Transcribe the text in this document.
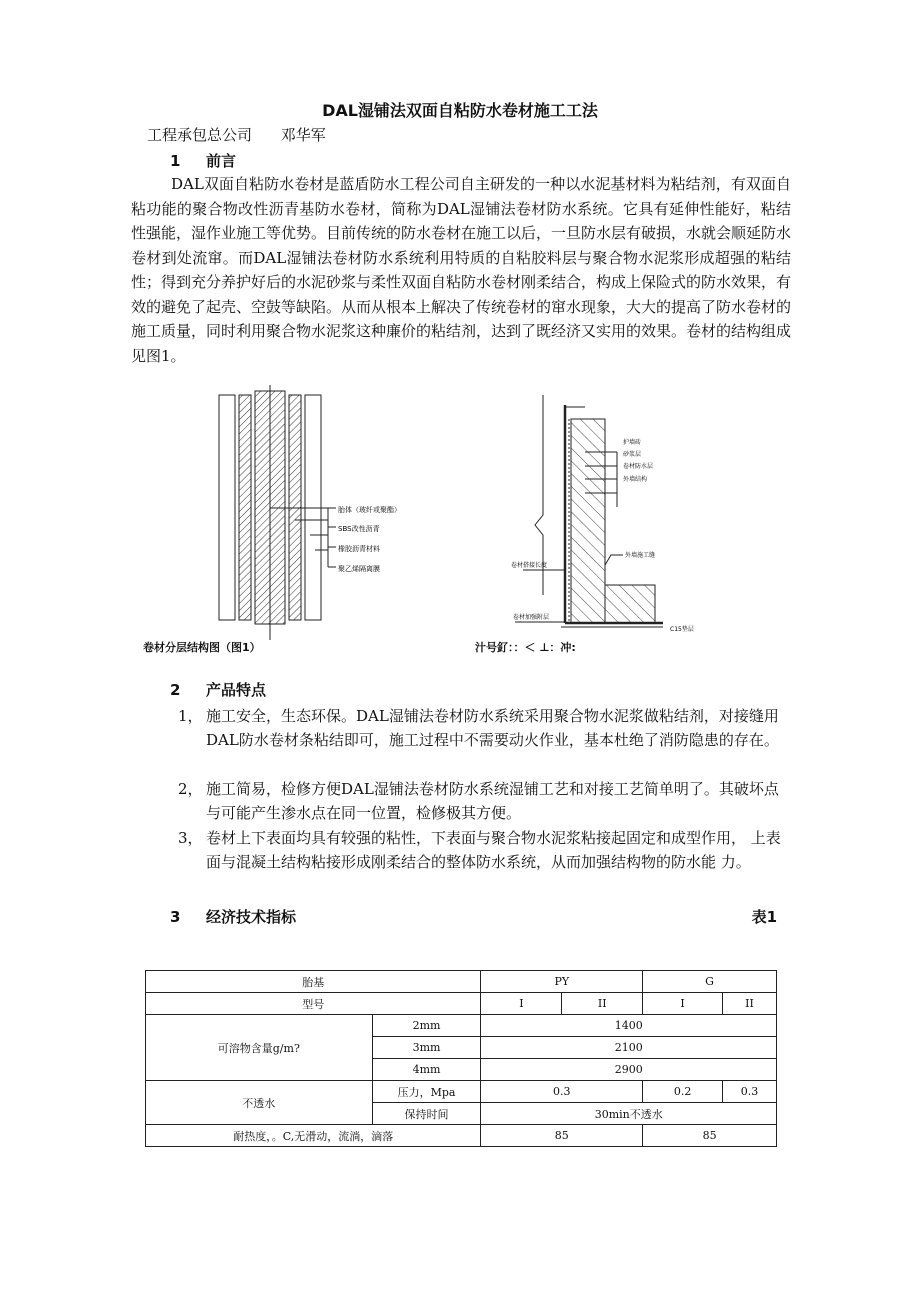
DAL湿铺法双面自粘防水卷材施工工法
工程承包总公司 邓华军
1 前言
DAL双面自粘防水卷材是蓝盾防水工程公司自主研发的一种以水泥基材料为粘结剂，有双面自粘功能的聚合物改性沥青基防水卷材，简称为DAL湿铺法卷材防水系统。它具有延伸性能好，粘结性强能，湿作业施工等优势。目前传统的防水卷材在施工以后，一旦防水层有破损，水就会顺延防水卷材到处流窜。而DAL湿铺法卷材防水系统利用特质的自粘胶料层与聚合物水泥浆形成超强的粘结性；得到充分养护好后的水泥砂浆与柔性双面自粘防水卷材刚柔结合，构成上保险式的防水效果，有效的避免了起壳、空鼓等缺陷。从而从根本上解决了传统卷材的窜水现象，大大的提高了防水卷材的施工质量，同时利用聚合物水泥浆这种廉价的粘结剂，达到了既经济又实用的效果。卷材的结构组成见图1。
胎体（玻纤或聚酯）
SBS改性沥青
橡胶沥青材料
聚乙烯隔离膜
卷材分层结构图（图1）
护墙砖
砂浆层
卷材防水层
外墙结构
外墙施工缝
卷材搭接长度
卷材加强附层
C15垫层
汁号釕：：＜ ⊥：冲:
2 产品特点
1， 施工安全，生态环保。DAL湿铺法卷材防水系统采用聚合物水泥浆做粘结剂，对接缝用DAL防水卷材条粘结即可，施工过程中不需要动火作业，基本杜绝了消防隐患的存在。
2， 施工简易，检修方便DAL湿铺法卷材防水系统湿铺工艺和对接工艺简单明了。其破坏点与可能产生渗水点在同一位置，检修极其方便。
3， 卷材上下表面均具有较强的粘性，下表面与聚合物水泥浆粘接起固定和成型作用， 上表面与混凝土结构粘接形成刚柔结合的整体防水系统，从而加强结构物的防水能 力。
3 经济技术指标	表1
胎基		PY		G	
型号		I	II	I	II
可溶物含量g/m?	2mm	1400			
	3mm	2100			
	4mm	2900			
不透水	压力，Mpa	0.3		0.2	0.3
	保持时间	30min不透水			
耐热度，。C,无滑动，流淌，滴落		85		85	
